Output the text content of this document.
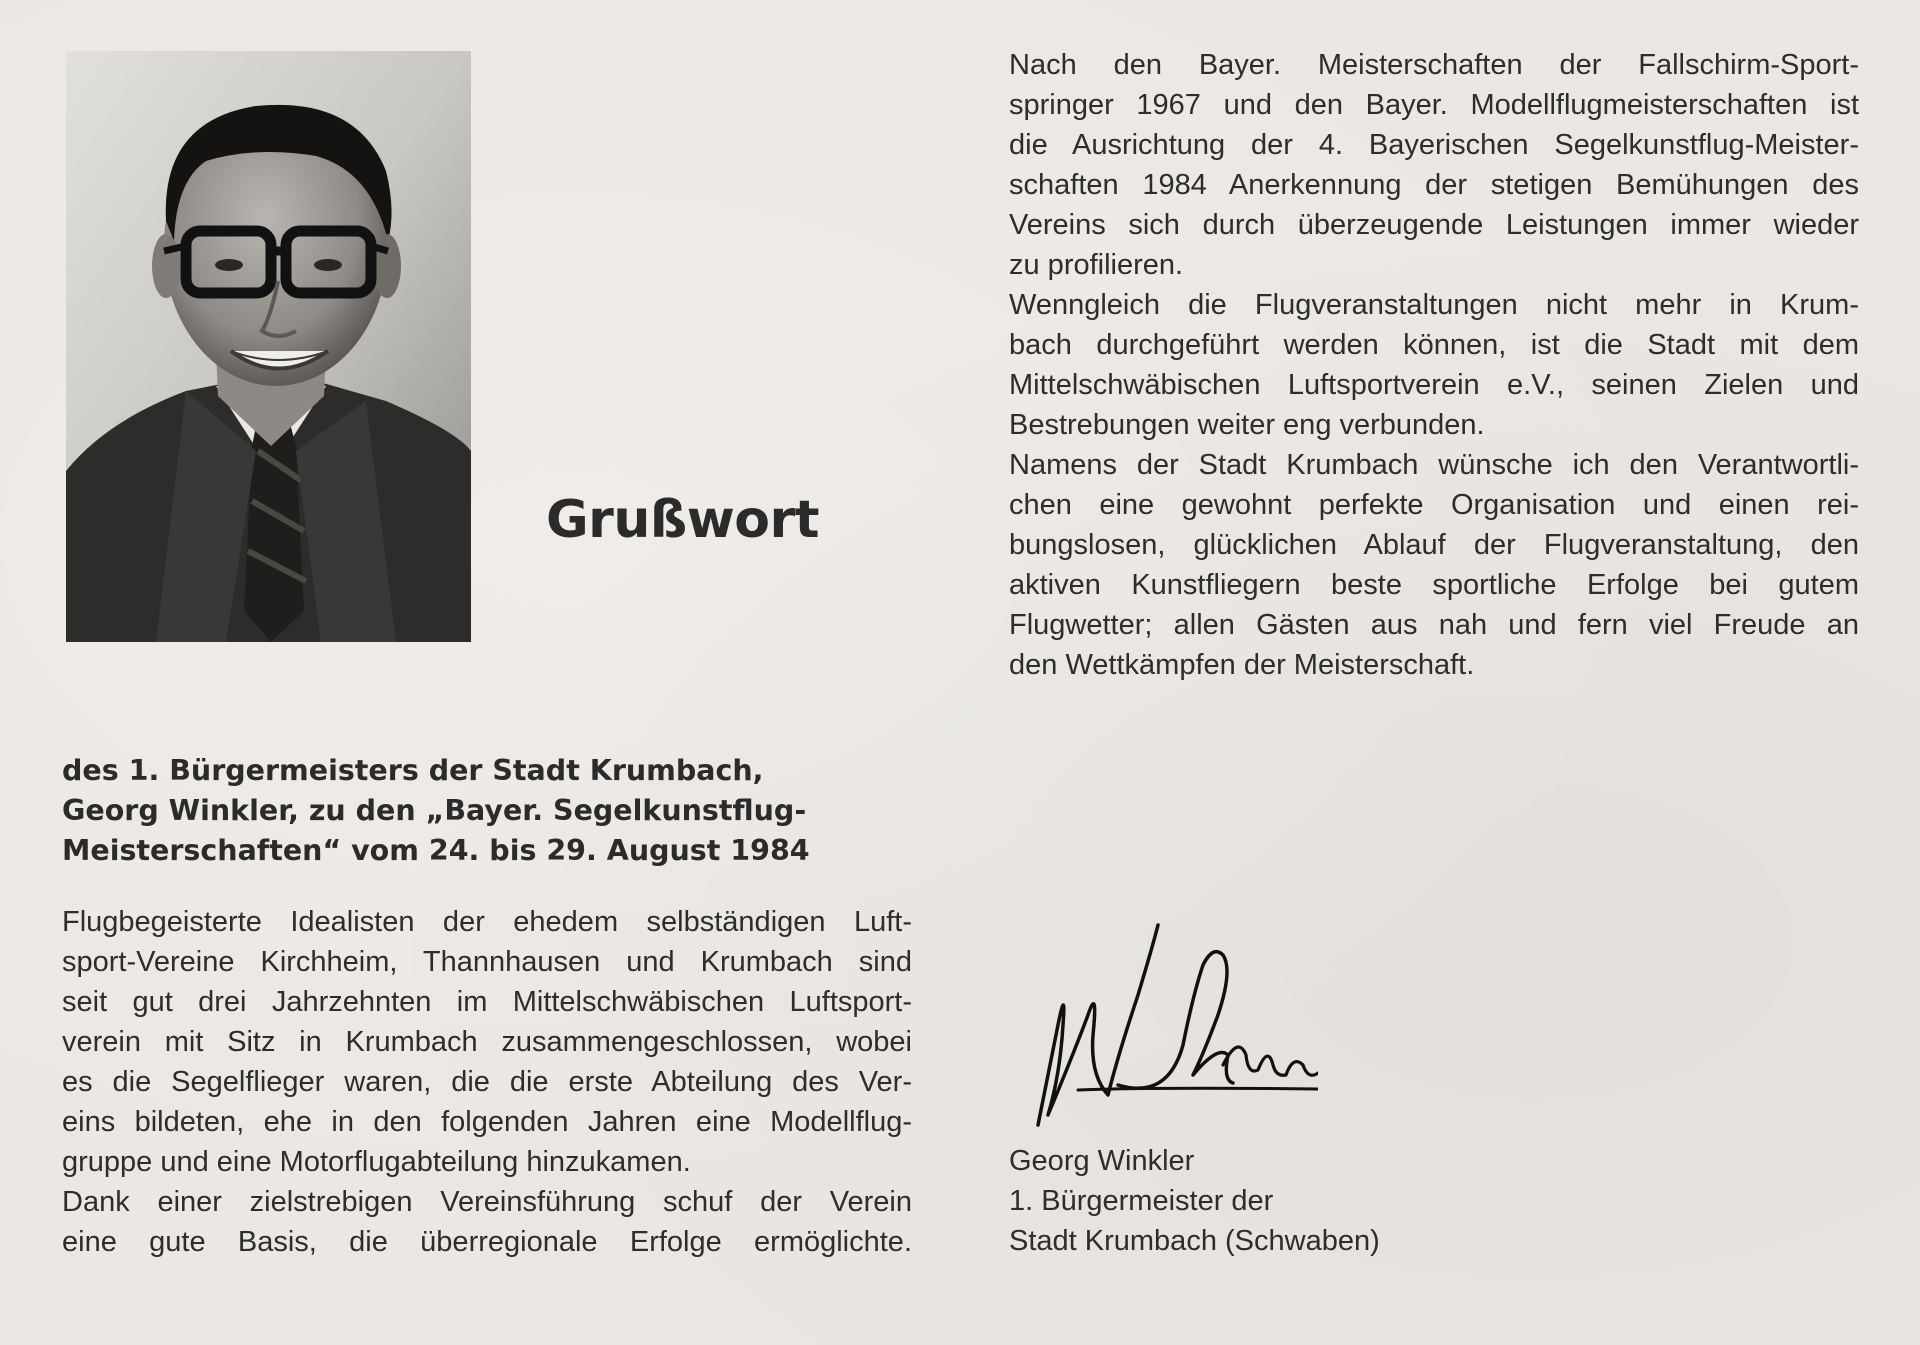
Grußwort
des 1. Bürgermeisters der Stadt Krumbach,
Georg Winkler, zu den „Bayer. Segelkunstflug-
Meisterschaften“ vom 24. bis 29. August 1984
Flugbegeisterte Idealisten der ehedem selbständigen Luft-
sport-Vereine Kirchheim, Thannhausen und Krumbach sind
seit gut drei Jahrzehnten im Mittelschwäbischen Luftsport-
verein mit Sitz in Krumbach zusammengeschlossen, wobei
es die Segelflieger waren, die die erste Abteilung des Ver-
eins bildeten, ehe in den folgenden Jahren eine Modellflug-
gruppe und eine Motorflugabteilung hinzukamen.
Dank einer zielstrebigen Vereinsführung schuf der Verein
eine gute Basis, die überregionale Erfolge ermöglichte.
Nach den Bayer. Meisterschaften der Fallschirm-Sport-
springer 1967 und den Bayer. Modellflugmeisterschaften ist
die Ausrichtung der 4. Bayerischen Segelkunstflug-Meister-
schaften 1984 Anerkennung der stetigen Bemühungen des
Vereins sich durch überzeugende Leistungen immer wieder
zu profilieren.
Wenngleich die Flugveranstaltungen nicht mehr in Krum-
bach durchgeführt werden können, ist die Stadt mit dem
Mittelschwäbischen Luftsportverein e.V., seinen Zielen und
Bestrebungen weiter eng verbunden.
Namens der Stadt Krumbach wünsche ich den Verantwortli-
chen eine gewohnt perfekte Organisation und einen rei-
bungslosen, glücklichen Ablauf der Flugveranstaltung, den
aktiven Kunstfliegern beste sportliche Erfolge bei gutem
Flugwetter; allen Gästen aus nah und fern viel Freude an
den Wettkämpfen der Meisterschaft.
Georg Winkler
1. Bürgermeister der
Stadt Krumbach (Schwaben)
